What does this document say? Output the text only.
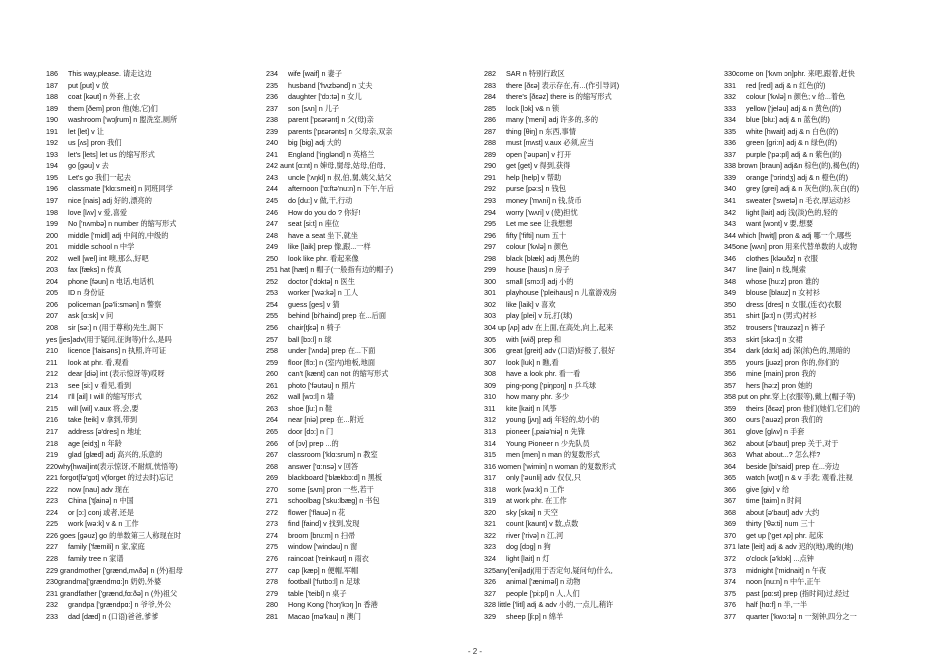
186 This way,please. 请走这边
187 put [put] v 放
188 coat [kəut] n 外套,上衣
189 them [ðem] pron 他(她,它)们
190 washroom ['wɔʃrum] n 盥洗室,厕所
191 let [let] v 让
192 us [ʌs] pron 我们
193 let's [lets] let us 的缩写形式
194 go [gəu] v 去
195 Let's go 我们一起去
196 classmate ['klɑ:smeit] n 同班同学
197 nice [nais] adj 好的,漂亮的
198 love [lʌv] v 爱,喜爱
199 No ['nʌmbə] n number 的缩写形式
200 middle ['midl] adj 中间的,中级的
201 middle school n 中学
202 well [wel] int 噢,那么,好吧
203 fax [fæks] n 传真
204 phone [fəun] n 电话,电话机
205 ID n 身份证
206 policeman [pə'li:smən] n 警察
207 ask [ɑ:sk] v 问
208 sir [sə:] n (用于尊称)先生,阁下
yes [jes]adv(用于疑问,征询等)什么,是吗
210 licence ['laisəns] n 执照,许可证
211 look at phr. 看,观看
212 dear [diə] int (表示惊讶等)哎呀
213 see [si:] v 看见,看到
214 I'll [ail] I will 的缩写形式
215 will [wil] v.aux 将,会,要
216 take [teik] v 拿到,带到
217 address [ə'dres] n 地址
218 age [eidʒ] n 年龄
219 glad [glæd] adj 高兴的,乐意的
220why[hwai]int(表示惊讶,不耐烦,恍悟等)
221 forgot[fə'gɔt] v(forget 的过去时)忘记
222 now [nau] adv 现在
223 China ['tʃainə] n 中国
224 or [ɔ:] conj 或者,还是
225 work [wə:k] v & n 工作
226 goes [gəuz] go 的单数第三人称现在时
227 family ['fæmili] n 家,家庭
228 family tree n 家谱
229 grandmother ['grænd,mʌðə] n (外)祖母
230grandma['grændmɑ:]n 奶奶,外婆
231 grandfather ['grænd,fɑ:ðə] n (外)祖父
232 grandpa ['grændpɑ:] n 爷爷,外公
233 dad [dæd] n (口语)爸爸,爹爹
234 wife [waif] n 妻子
235 husband ['hʌzbənd] n 丈夫
236 daughter ['dɔ:tə] n 女儿
237 son [sʌn] n 儿子
238 parent ['pɛərənt] n 父(母)亲
239 parents ['pɛərənts] n 父母亲,双亲
240 big [big] adj 大的
241 England ['iŋglənd] n 英格兰
242 aunt [ɑ:nt] n 婶母,舅母,姑母,伯母,
243 uncle ['ʌŋkl] n 叔,伯,舅,姨父,姑父
244 afternoon ['ɑ:ftə'nu:n] n 下午,午后
245 do [du:] v 做,干,行动
246 How do you do ? 你好!
247 seat [si:t] n 座位
248 have a seat 坐下,就坐
249 like [laik] prep 像,跟...一样
250 look like phr. 看起来像
251 hat [hæt] n 帽子(一般指有边的帽子)
252 doctor ['dɔktə] n 医生
253 worker ['wə:kə] n 工人
254 guess [ges] v 猜
255 behind [bi'haind] prep 在...后面
256 chair[tʃɛə] n 椅子
257 ball [bɔ:l] n 球
258 under ['ʌndə] prep 在...下面
259 floor [flɔ:] n (室内)地板,地面
260 can't [kænt] can not 的缩写形式
261 photo ['fəutəu] n 照片
262 wall [wɔ:l] n 墙
263 shoe [ʃu:] n 鞋
264 near [niə] prep 在...附近
265 door [dɔ:] n 门
266 of [ɔv] prep ...的
267 classroom ['klɑ:srum] n 教室
268 answer ['ɑ:nsə] v 回答
269 blackboard ['blækbɔ:d] n 黑板
270 some [sʌm] pron 一些,若干
271 schoolbag ['sku:lbæg] n 书包
272 flower ['flauə] n 花
273 find [faind] v 找到,发现
274 broom [bru:m] n 扫帚
275 window ['windəu] n 窗
276 raincoat ['reinkəut] n 雨衣
277 cap [kæp] n 便帽,军帽
278 football ['futbɔ:l] n 足球
279 table ['teibl] n 桌子
280 Hong Kong ['hɔŋ'kɔŋ ]n 香港
281 Macao [mə'kau] n 澳门
282 SAR n 特别行政区
283 there [ðɛə] 表示存在,有...(作引导词)
284 there's [ðɛəz] there is 的缩写形式
285 lock [lɔk] v& n 锁
286 many ['meni] adj 许多的,多的
287 thing [θiŋ] n 东西,事情
288 must [mʌst] v.aux 必须,应当
289 open ['əupən] v 打开
290 get [get] v 得到,获得
291 help [help] v 帮助
292 purse [pə:s] n 钱包
293 money ['mʌni] n 钱,货币
294 worry ['wʌri] v (使)担忧
295 Let me see 让我想想
296 fifty ['fifti] num 五十
297 colour ['kʌlə] n 颜色
298 black [blæk] adj 黑色的
299 house [haus] n 房子
300 small [smɔ:l] adj 小的
301 playhouse ['pleihaus] n 儿童游戏房
302 like [laik] v 喜欢
303 play [plei] v 玩,打(球)
304 up [ʌp] adv 在上面,在高处,向上,起来
305 with [wið] prep 和
306 great [greit] adv (口语)好极了,很好
307 look [luk] n 瞧,看
308 have a look phr. 看一看
309 ping-pong ['piŋpɔŋ] n 乒乓球
310 how many phr. 多少
311 kite [kait] n 风筝
312 young [jʌŋ] adj 年轻的,幼小的
313 pioneer [,paiə'niə] n 先锋
314 Young Pioneer n 少先队员
315 men [men] n man 的复数形式
316 women ['wimin] n woman 的复数形式
317 only ['əunli] adv 仅仅,只
318 work [wə:k] n 工作
319 at work phr. 在工作
320 sky [skai] n 天空
321 count [kaunt] v 数,点数
322 river ['rivə] n 江,河
323 dog [dɔg] n 狗
324 light [lait] n 灯
325any['eni]adj(用于否定句,疑问句)什么,
326 animal ['æniməl] n 动物
327 people ['pi:pl] n 人,人们
328 little ['litl] adj & adv 小的,一点儿,稍许
329 sheep [ʃi:p] n 绵羊
330come on ['kʌm ɔn]phr. 来吧,跟着,赶快
331 red [red] adj & n 红色(的)
332 colour ['kʌlə] n 颜色; v 给...着色
333 yellow ['jeləu] adj & n 黄色(的)
334 blue [blu:] adj & n 蓝色(的)
335 white [hwait] adj & n 白色(的)
336 green [gri:n] adj & n 绿色(的)
337 purple ['pə:pl] adj & n 紫色(的)
338 brown [braun] adj&n 棕色(的),褐色(的)
339 orange ['ɔrindʒ] adj & n 橙色(的)
340 grey [grei] adj & n 灰色(的),灰白(的)
341 sweater ['swetə] n 毛衣,厚运动衫
342 light [lait] adj 浅(淡)色的,轻的
343 want [wɔnt] v 要,想要
344 which [hwitʃ] pron & adj 哪一个,哪些
345one [wʌn] pron 用来代替单数的人或物
346 clothes [kləuðz] n 衣服
347 line [lain] n 线,绳索
348 whose [hu:z] pron 谁的
349 blouse [blauz] n 女衬衫
350 dress [dres] n 女服,(连衣)衣服
351 shirt [ʃə:t] n (男式)衬衫
352 trousers ['trauzəz] n 裤子
353 skirt [skə:t] n 女裙
354 dark [dɑ:k] adj 深(浓)色的,黑暗的
355 yours [juəz] pron 你的,你们的
356 mine [main] pron 我的
357 hers [hə:z] pron 她的
358 put on phr.穿上(衣服等),戴上(帽子等)
359 theirs [ðɛəz] pron 他们(她们,它们)的
360 ours ['auəz] pron 我们的
361 glove [glʌv] n 手套
362 about [ə'baut] prep 关于,对于
363 What about...? 怎么样?
364 beside [bi'said] prep 在...旁边
365 watch [wɔtʃ] n & v 手表; 观看,注视
366 give [giv] v 给
367 time [taim] n 时间
368 about [ə'baut] adv 大约
369 thirty ['θə:ti] num 三十
370 get up ['get ʌp] phr. 起床
371 late [leit] adj & adv 迟的(地),晚的(地)
372 o'clock [ə'klɔk] ...点钟
373 midnight ['midnait] n 午夜
374 noon [nu:n] n 中午,正午
375 past [pɑ:st] prep (指时间)过,经过
376 half [hɑ:f] n 半,一半
377 quarter ['kwɔ:tə] n 一刻钟,四分之一
- 2 -
